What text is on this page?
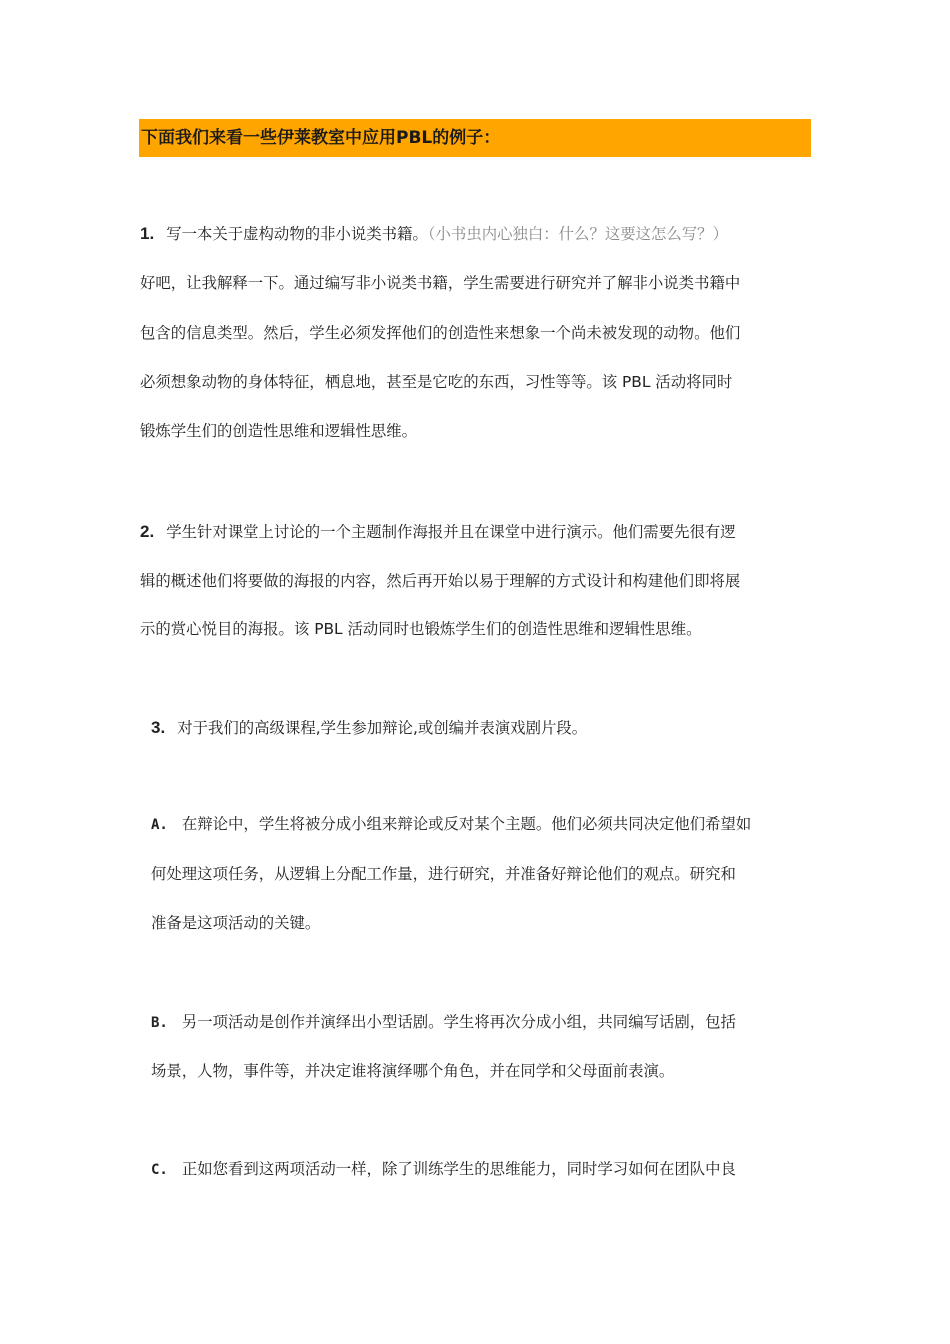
下面我们来看一些伊莱教室中应用PBL的例子：
1. 写一本关于虚构动物的非小说类书籍。（小书虫内心独白：什么？这要这怎么写？）
好吧，让我解释一下。通过编写非小说类书籍，学生需要进行研究并了解非小说类书籍中
包含的信息类型。然后，学生必须发挥他们的创造性来想象一个尚未被发现的动物。他们
必须想象动物的身体特征，栖息地，甚至是它吃的东西，习性等等。该 PBL 活动将同时
锻炼学生们的创造性思维和逻辑性思维。
2. 学生针对课堂上讨论的一个主题制作海报并且在课堂中进行演示。他们需要先很有逻
辑的概述他们将要做的海报的内容，然后再开始以易于理解的方式设计和构建他们即将展
示的赏心悦目的海报。该 PBL 活动同时也锻炼学生们的创造性思维和逻辑性思维。
3. 对于我们的高级课程,学生参加辩论,或创编并表演戏剧片段。
A. 在辩论中，学生将被分成小组来辩论或反对某个主题。他们必须共同决定他们希望如
何处理这项任务，从逻辑上分配工作量，进行研究，并准备好辩论他们的观点。研究和
准备是这项活动的关键。
B. 另一项活动是创作并演绎出小型话剧。学生将再次分成小组，共同编写话剧，包括
场景，人物，事件等，并决定谁将演绎哪个角色，并在同学和父母面前表演。
C. 正如您看到这两项活动一样，除了训练学生的思维能力，同时学习如何在团队中良
